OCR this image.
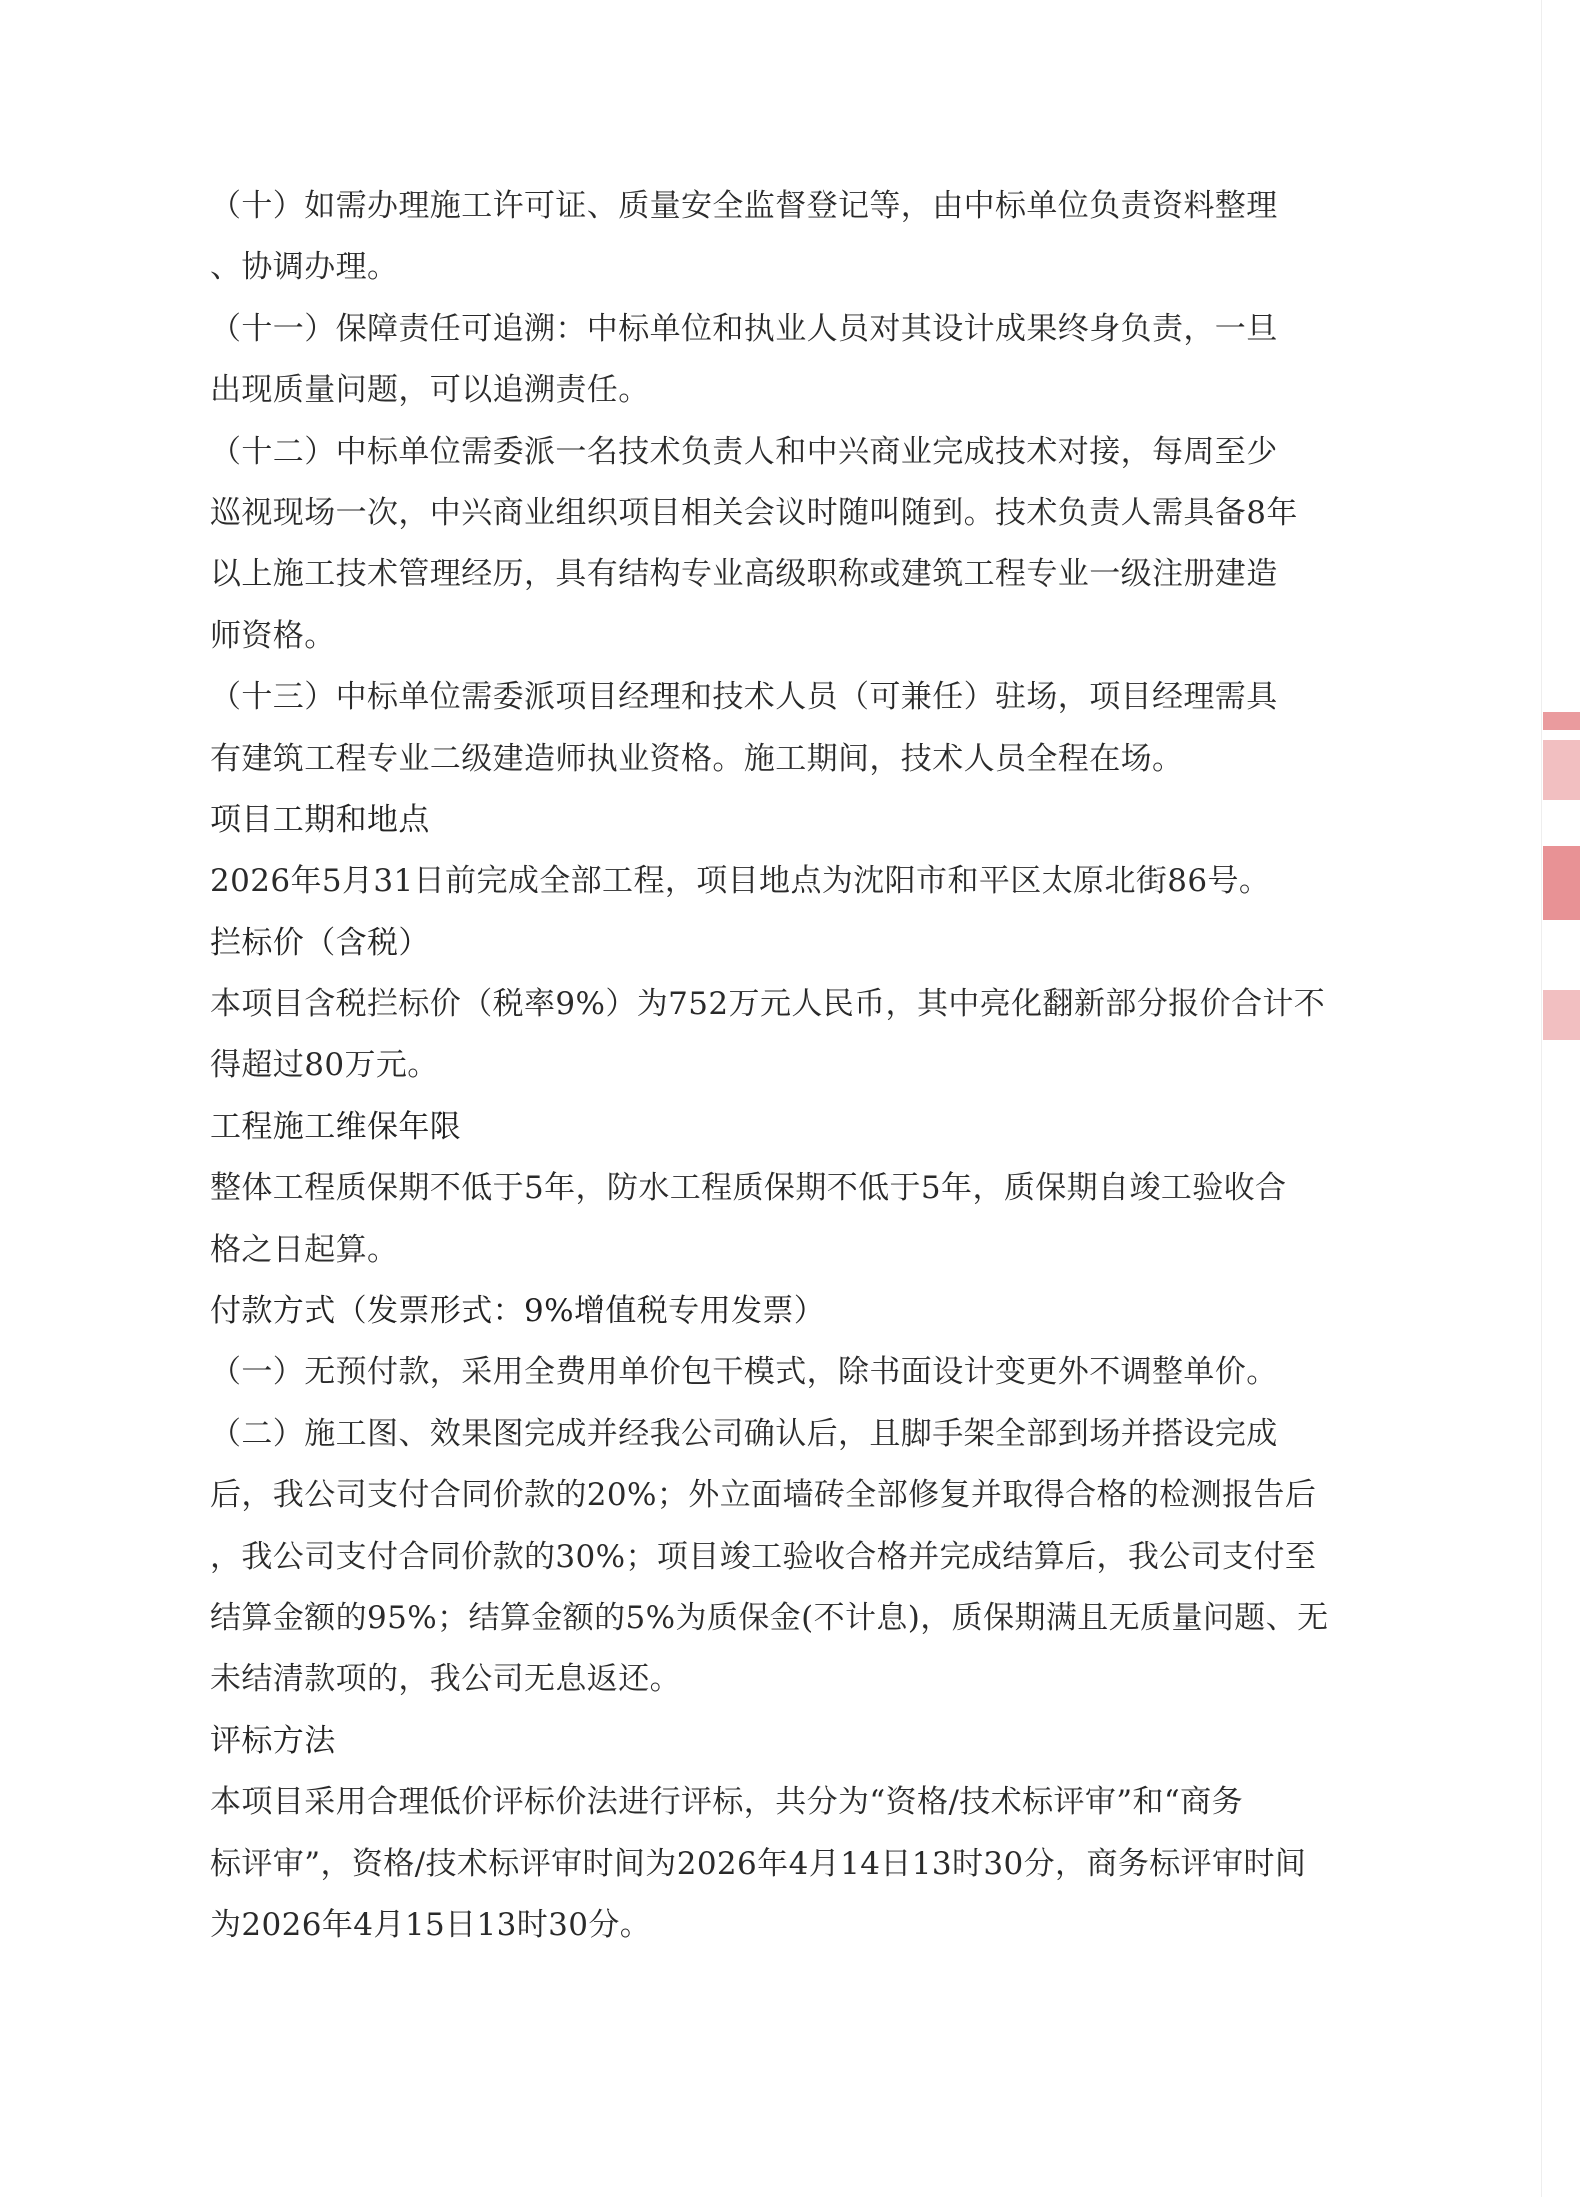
（十）如需办理施工许可证、质量安全监督登记等，由中标单位负责资料整理
、协调办理。
（十一）保障责任可追溯：中标单位和执业人员对其设计成果终身负责，一旦
出现质量问题，可以追溯责任。
（十二）中标单位需委派一名技术负责人和中兴商业完成技术对接，每周至少
巡视现场一次，中兴商业组织项目相关会议时随叫随到。技术负责人需具备8年
以上施工技术管理经历，具有结构专业高级职称或建筑工程专业一级注册建造
师资格。
（十三）中标单位需委派项目经理和技术人员（可兼任）驻场，项目经理需具
有建筑工程专业二级建造师执业资格。施工期间，技术人员全程在场。
项目工期和地点
2026年5月31日前完成全部工程，项目地点为沈阳市和平区太原北街86号。
拦标价（含税）
本项目含税拦标价（税率9%）为752万元人民币，其中亮化翻新部分报价合计不
得超过80万元。
工程施工维保年限
整体工程质保期不低于5年，防水工程质保期不低于5年，质保期自竣工验收合
格之日起算。
付款方式（发票形式：9%增值税专用发票）
（一）无预付款，采用全费用单价包干模式，除书面设计变更外不调整单价。
（二）施工图、效果图完成并经我公司确认后，且脚手架全部到场并搭设完成
后，我公司支付合同价款的20%；外立面墙砖全部修复并取得合格的检测报告后
，我公司支付合同价款的30%；项目竣工验收合格并完成结算后，我公司支付至
结算金额的95%；结算金额的5%为质保金(不计息)，质保期满且无质量问题、无
未结清款项的，我公司无息返还。
评标方法
本项目采用合理低价评标价法进行评标，共分为“资格/技术标评审”和“商务
标评审”，资格/技术标评审时间为2026年4月14日13时30分，商务标评审时间
为2026年4月15日13时30分。
